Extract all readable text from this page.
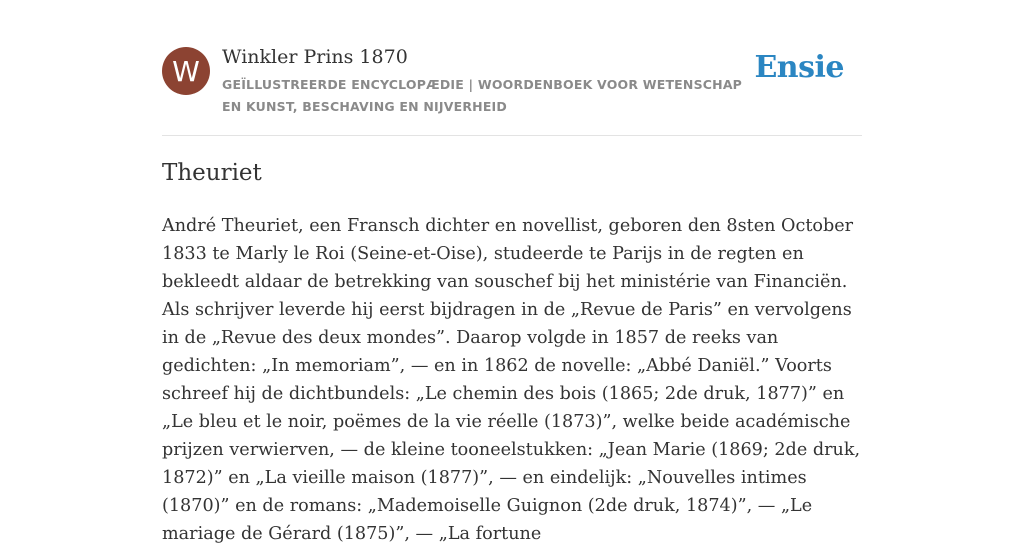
W	Winkler Prins 1870
GEÏLLUSTREERDE ENCYCLOPÆDIE | WOORDENBOEK VOOR WETENSCHAP EN KUNST, BESCHAVING EN NIJVERHEID
Ensie
Theuriet

André Theuriet, een Fransch dichter en novellist, geboren den 8sten October 1833 te Marly le Roi (Seine-et-Oise), studeerde te Parijs in de regten en bekleedt aldaar de betrekking van souschef bij het ministérie van Financiën. Als schrijver leverde hij eerst bijdragen in de „Revue de Paris” en vervolgens in de „Revue des deux mondes”. Daarop volgde in 1857 de reeks van gedichten: „In memoriam”, — en in 1862 de novelle: „Abbé Daniël.” Voorts schreef hij de dichtbundels: „Le chemin des bois (1865; 2de druk, 1877)” en „Le bleu et le noir, poëmes de la vie réelle (1873)”, welke beide académische prijzen verwierven, — de kleine tooneelstukken: „Jean Marie (1869; 2de druk, 1872)” en „La vieille maison (1877)”, — en eindelijk: „Nouvelles intimes (1870)” en de romans: „Mademoiselle Guignon (2de druk, 1874)”, — „Le mariage de Gérard (1875)”, — „La fortune
